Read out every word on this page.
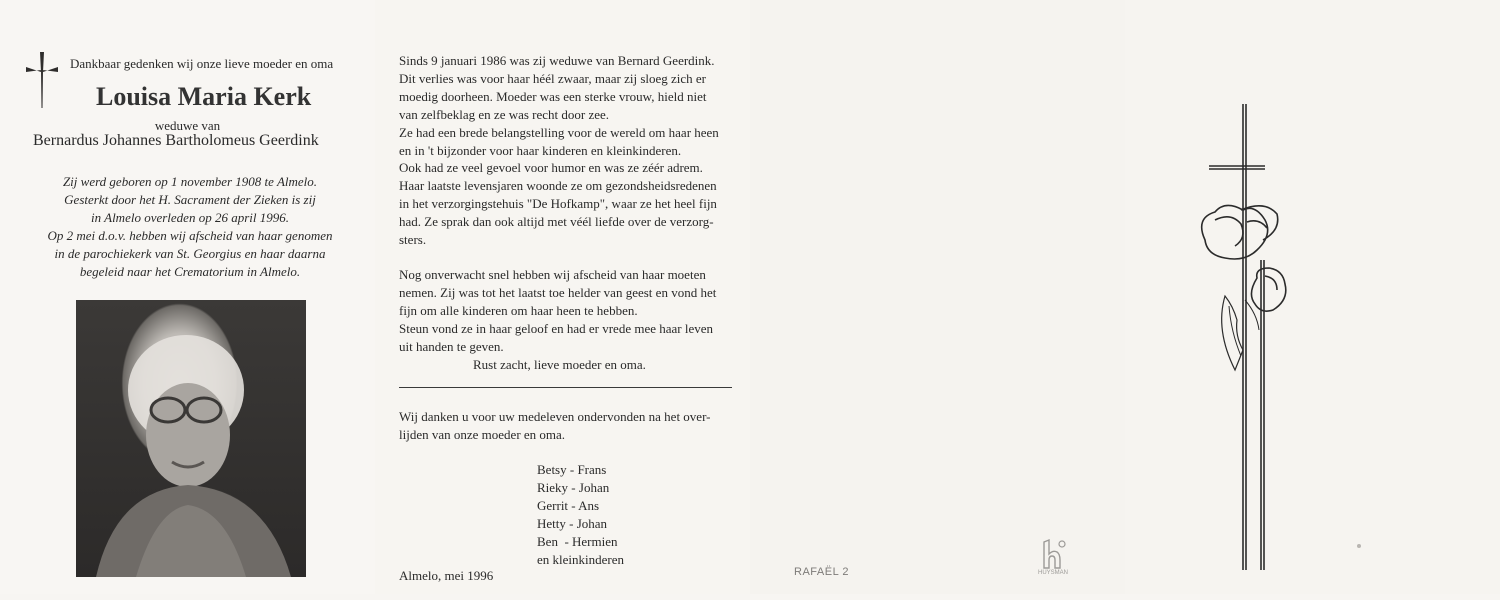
Dankbaar gedenken wij onze lieve moeder en oma
Louisa Maria Kerk
weduwe van
Bernardus Johannes Bartholomeus Geerdink
Zij werd geboren op 1 november 1908 te Almelo.
Gesterkt door het H. Sacrament der Zieken is zij
in Almelo overleden op 26 april 1996.
Op 2 mei d.o.v. hebben wij afscheid van haar genomen
in de parochiekerk van St. Georgius en haar daarna
begeleid naar het Crematorium in Almelo.
Sinds 9 januari 1986 was zij weduwe van Bernard Geerdink.
Dit verlies was voor haar héél zwaar, maar zij sloeg zich er
moedig doorheen. Moeder was een sterke vrouw, hield niet
van zelfbeklag en ze was recht door zee.
Ze had een brede belangstelling voor de wereld om haar heen
en in 't bijzonder voor haar kinderen en kleinkinderen.
Ook had ze veel gevoel voor humor en was ze zéér adrem.
Haar laatste levensjaren woonde ze om gezondsheidsredenen
in het verzorgingstehuis "De Hofkamp", waar ze het heel fijn
had. Ze sprak dan ook altijd met véél liefde over de verzorg-
sters.
Nog onverwacht snel hebben wij afscheid van haar moeten
nemen. Zij was tot het laatst toe helder van geest en vond het
fijn om alle kinderen om haar heen te hebben.
Steun vond ze in haar geloof en had er vrede mee haar leven
uit handen te geven.
Rust zacht, lieve moeder en oma.
Wij danken u voor uw medeleven ondervonden na het over-
lijden van onze moeder en oma.
Betsy - Frans
Rieky - Johan
Gerrit - Ans
Hetty - Johan
Ben  - Hermien
en kleinkinderen
Almelo, mei 1996	RAFAËL 2	HUYSMAN
